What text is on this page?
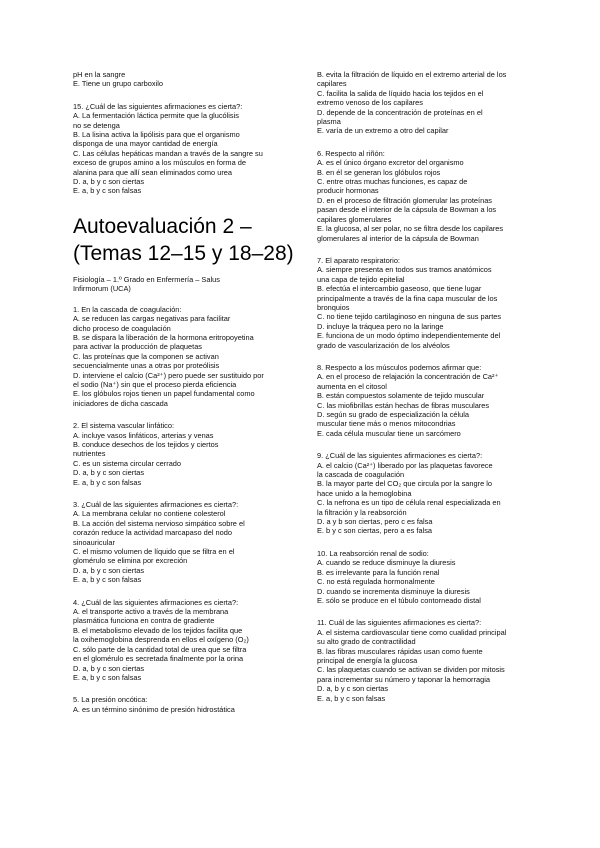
pH en la sangre
E. Tiene un grupo carboxilo
15. ¿Cuál de las siguientes afirmaciones es cierta?:
A. La fermentación láctica permite que la glucólisis
no se detenga
B. La lisina activa la lipólisis para que el organismo
disponga de una mayor cantidad de energía
C. Las células hepáticas mandan a través de la sangre su
exceso de grupos amino a los músculos en forma de
alanina para que allí sean eliminados como urea
D. a, b y c son ciertas
E. a, b y c son falsas
Autoevaluación 2 –
(Temas 12–15 y 18–28)
Fisiología – 1.º Grado en Enfermería – Salus
Infirmorum (UCA)
1. En la cascada de coagulación:
A. se reducen las cargas negativas para facilitar
dicho proceso de coagulación
B. se dispara la liberación de la hormona eritropoyetina
para activar la producción de plaquetas
C. las proteínas que la componen se activan
secuencialmente unas a otras por proteólisis
D. interviene el calcio (Ca²⁺) pero puede ser sustituido por
el sodio (Na⁺) sin que el proceso pierda eficiencia
E. los glóbulos rojos tienen un papel fundamental como
iniciadores de dicha cascada
2. El sistema vascular linfático:
A. incluye vasos linfáticos, arterias y venas
B. conduce desechos de los tejidos y ciertos
nutrientes
C. es un sistema circular cerrado
D. a, b y c son ciertas
E. a, b y c son falsas
3. ¿Cuál de las siguientes afirmaciones es cierta?:
A. La membrana celular no contiene colesterol
B. La acción del sistema nervioso simpático sobre el
corazón reduce la actividad marcapaso del nodo
sinoauricular
C. el mismo volumen de líquido que se filtra en el
glomérulo se elimina por excreción
D. a, b y c son ciertas
E. a, b y c son falsas
4. ¿Cuál de las siguientes afirmaciones es cierta?:
A. el transporte activo a través de la membrana
plasmática funciona en contra de gradiente
B. el metabolismo elevado de los tejidos facilita que
la oxihemoglobina desprenda en ellos el oxígeno (O₂)
C. sólo parte de la cantidad total de urea que se filtra
en el glomérulo es secretada finalmente por la orina
D. a, b y c son ciertas
E. a, b y c son falsas
5. La presión oncótica:
A. es un término sinónimo de presión hidrostática
B. evita la filtración de líquido en el extremo arterial de los
capilares
C. facilita la salida de líquido hacia los tejidos en el
extremo venoso de los capilares
D. depende de la concentración de proteínas en el
plasma
E. varía de un extremo a otro del capilar
6. Respecto al riñón:
A. es el único órgano excretor del organismo
B. en él se generan los glóbulos rojos
C. entre otras muchas funciones, es capaz de
producir hormonas
D. en el proceso de filtración glomerular las proteínas
pasan desde el interior de la cápsula de Bowman a los
capilares glomerulares
E. la glucosa, al ser polar, no se filtra desde los capilares
glomerulares al interior de la cápsula de Bowman
7. El aparato respiratorio:
A. siempre presenta en todos sus tramos anatómicos
una capa de tejido epitelial
B. efectúa el intercambio gaseoso, que tiene lugar
principalmente a través de la fina capa muscular de los
bronquios
C. no tiene tejido cartilaginoso en ninguna de sus partes
D. incluye la tráquea pero no la laringe
E. funciona de un modo óptimo independientemente del
grado de vascularización de los alvéolos
8. Respecto a los músculos podemos afirmar que:
A. en el proceso de relajación la concentración de Ca²⁺
aumenta en el citosol
B. están compuestos solamente de tejido muscular
C. las miofibrillas están hechas de fibras musculares
D. según su grado de especialización la célula
muscular tiene más o menos mitocondrias
E. cada célula muscular tiene un sarcómero
9. ¿Cuál de las siguientes afirmaciones es cierta?:
A. el calcio (Ca²⁺) liberado por las plaquetas favorece
la cascada de coagulación
B. la mayor parte del CO₂ que circula por la sangre lo
hace unido a la hemoglobina
C. la nefrona es un tipo de célula renal especializada en
la filtración y la reabsorción
D. a y b son ciertas, pero c es falsa
E. b y c son ciertas, pero a es falsa
10. La reabsorción renal de sodio:
A. cuando se reduce disminuye la diuresis
B. es irrelevante para la función renal
C. no está regulada hormonalmente
D. cuando se incrementa disminuye la diuresis
E. sólo se produce en el túbulo contorneado distal
11. Cuál de las siguientes afirmaciones es cierta?:
A. el sistema cardiovascular tiene como cualidad principal
su alto grado de contractilidad
B. las fibras musculares rápidas usan como fuente
principal de energía la glucosa
C. las plaquetas cuando se activan se dividen por mitosis
para incrementar su número y taponar la hemorragia
D. a, b y c son ciertas
E. a, b y c son falsas
